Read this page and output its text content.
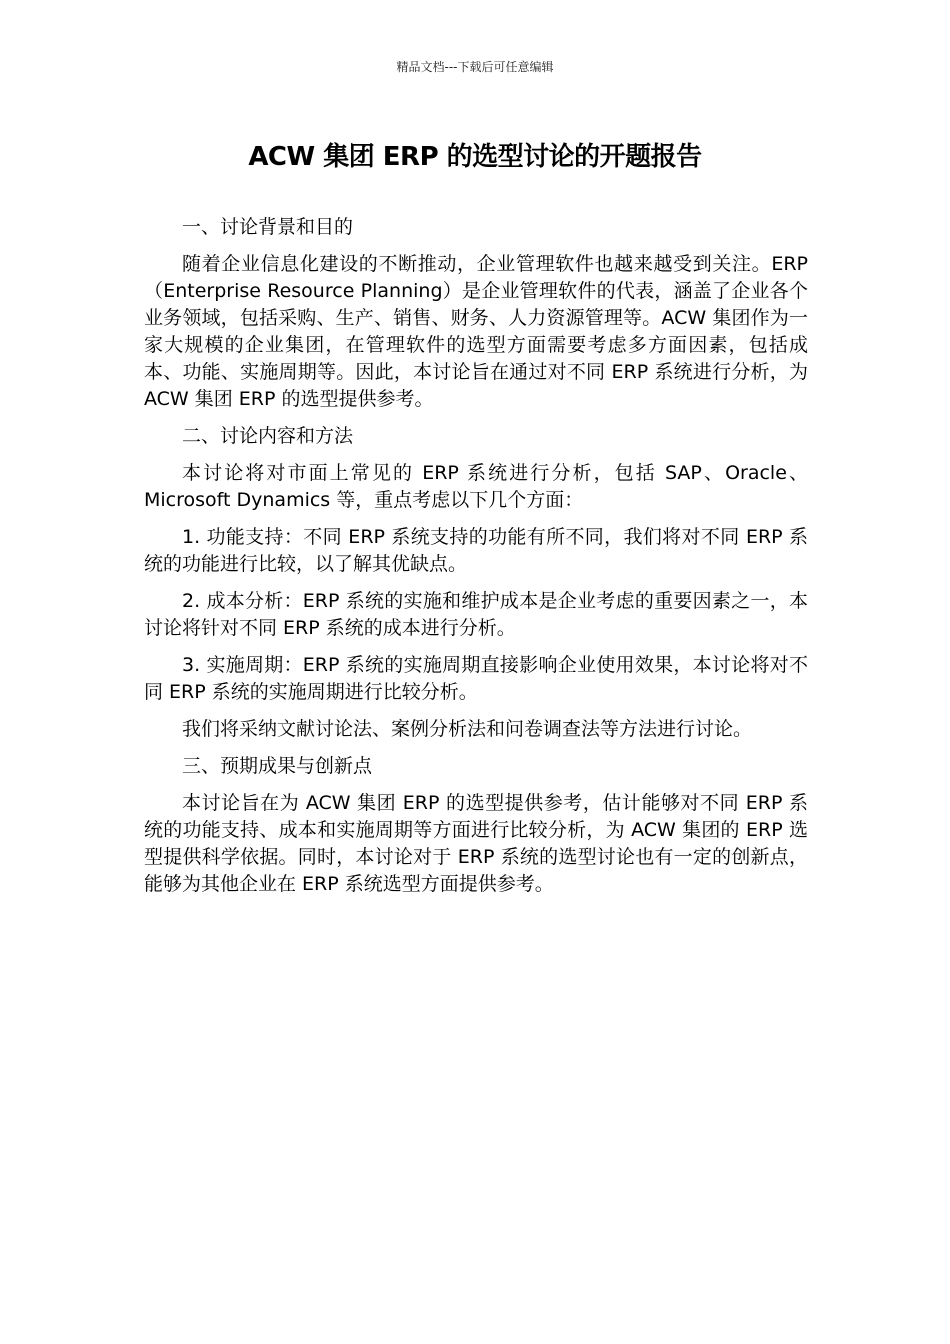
精品文档---下载后可任意编辑
ACW 集团 ERP 的选型讨论的开题报告

一、讨论背景和目的

随着企业信息化建设的不断推动，企业管理软件也越来越受到关注。ERP（Enterprise Resource Planning）是企业管理软件的代表，涵盖了企业各个业务领域，包括采购、生产、销售、财务、人力资源管理等。ACW 集团作为一家大规模的企业集团，在管理软件的选型方面需要考虑多方面因素，包括成本、功能、实施周期等。因此，本讨论旨在通过对不同 ERP 系统进行分析，为 ACW 集团 ERP 的选型提供参考。

二、讨论内容和方法

本讨论将对市面上常见的 ERP 系统进行分析，包括 SAP、Oracle、Microsoft Dynamics 等，重点考虑以下几个方面：

1. 功能支持：不同 ERP 系统支持的功能有所不同，我们将对不同 ERP 系统的功能进行比较，以了解其优缺点。

2. 成本分析：ERP 系统的实施和维护成本是企业考虑的重要因素之一，本讨论将针对不同 ERP 系统的成本进行分析。

3. 实施周期：ERP 系统的实施周期直接影响企业使用效果，本讨论将对不同 ERP 系统的实施周期进行比较分析。

我们将采纳文献讨论法、案例分析法和问卷调查法等方法进行讨论。

三、预期成果与创新点

本讨论旨在为 ACW 集团 ERP 的选型提供参考，估计能够对不同 ERP 系统的功能支持、成本和实施周期等方面进行比较分析，为 ACW 集团的 ERP 选型提供科学依据。同时，本讨论对于 ERP 系统的选型讨论也有一定的创新点，能够为其他企业在 ERP 系统选型方面提供参考。
